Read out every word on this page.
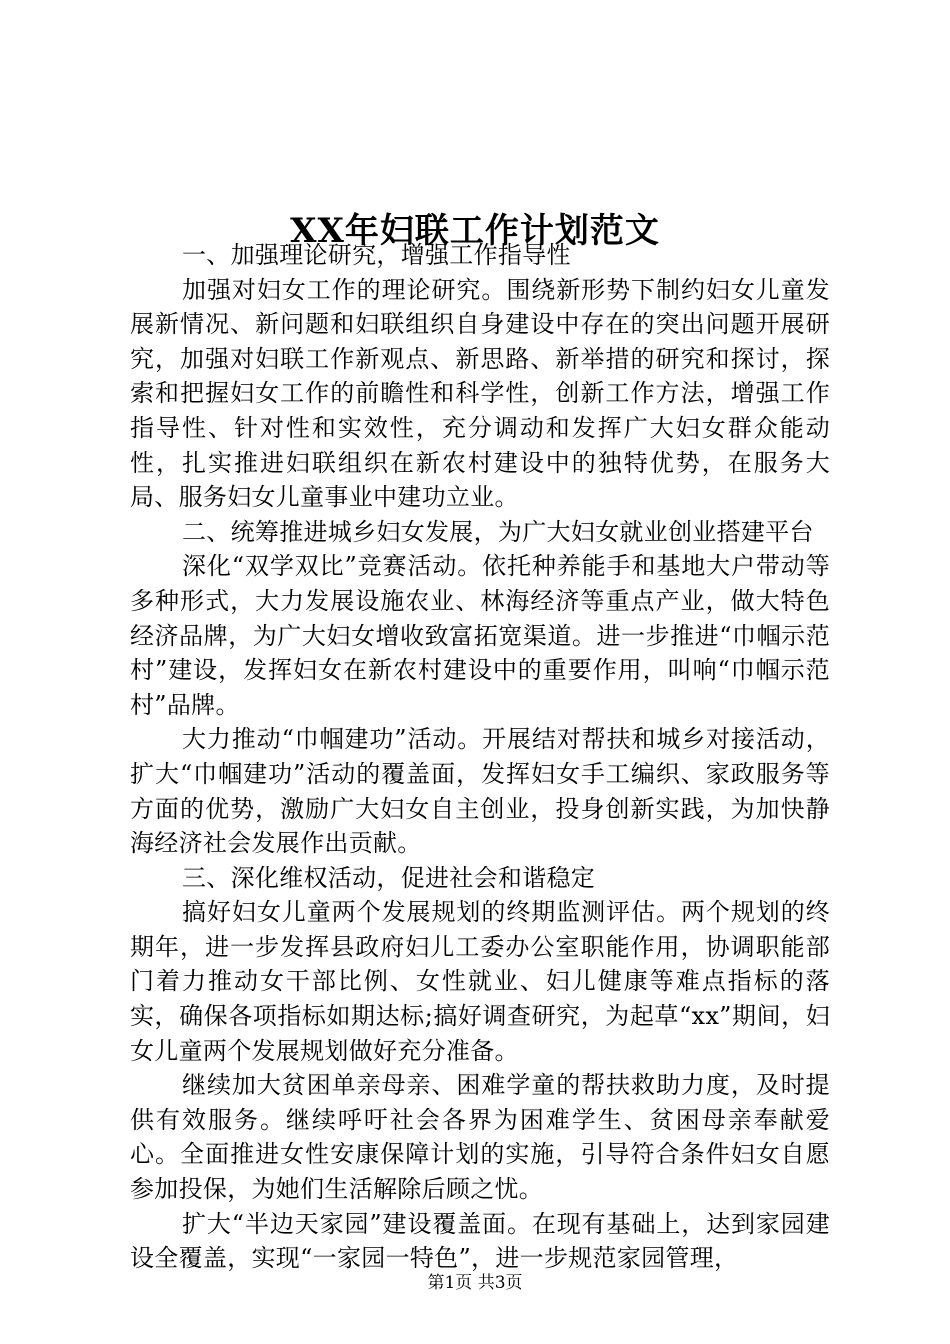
XX年妇联工作计划范文

一、加强理论研究，增强工作指导性

加强对妇女工作的理论研究。围绕新形势下制约妇女儿童发展新情况、新问题和妇联组织自身建设中存在的突出问题开展研究，加强对妇联工作新观点、新思路、新举措的研究和探讨，探索和把握妇女工作的前瞻性和科学性，创新工作方法，增强工作指导性、针对性和实效性，充分调动和发挥广大妇女群众能动性，扎实推进妇联组织在新农村建设中的独特优势，在服务大局、服务妇女儿童事业中建功立业。

二、统筹推进城乡妇女发展，为广大妇女就业创业搭建平台

深化“双学双比”竞赛活动。依托种养能手和基地大户带动等多种形式，大力发展设施农业、林海经济等重点产业，做大特色经济品牌，为广大妇女增收致富拓宽渠道。进一步推进“巾帼示范村”建设，发挥妇女在新农村建设中的重要作用，叫响“巾帼示范村”品牌。

大力推动“巾帼建功”活动。开展结对帮扶和城乡对接活动，扩大“巾帼建功”活动的覆盖面，发挥妇女手工编织、家政服务等方面的优势，激励广大妇女自主创业，投身创新实践，为加快静海经济社会发展作出贡献。

三、深化维权活动，促进社会和谐稳定

搞好妇女儿童两个发展规划的终期监测评估。两个规划的终期年，进一步发挥县政府妇儿工委办公室职能作用，协调职能部门着力推动女干部比例、女性就业、妇儿健康等难点指标的落实，确保各项指标如期达标;搞好调查研究，为起草“xx”期间，妇女儿童两个发展规划做好充分准备。

继续加大贫困单亲母亲、困难学童的帮扶救助力度，及时提供有效服务。继续呼吁社会各界为困难学生、贫困母亲奉献爱心。全面推进女性安康保障计划的实施，引导符合条件妇女自愿参加投保，为她们生活解除后顾之忧。

扩大“半边天家园”建设覆盖面。在现有基础上，达到家园建设全覆盖，实现“一家园一特色”，进一步规范家园管理，

第1页 共3页
